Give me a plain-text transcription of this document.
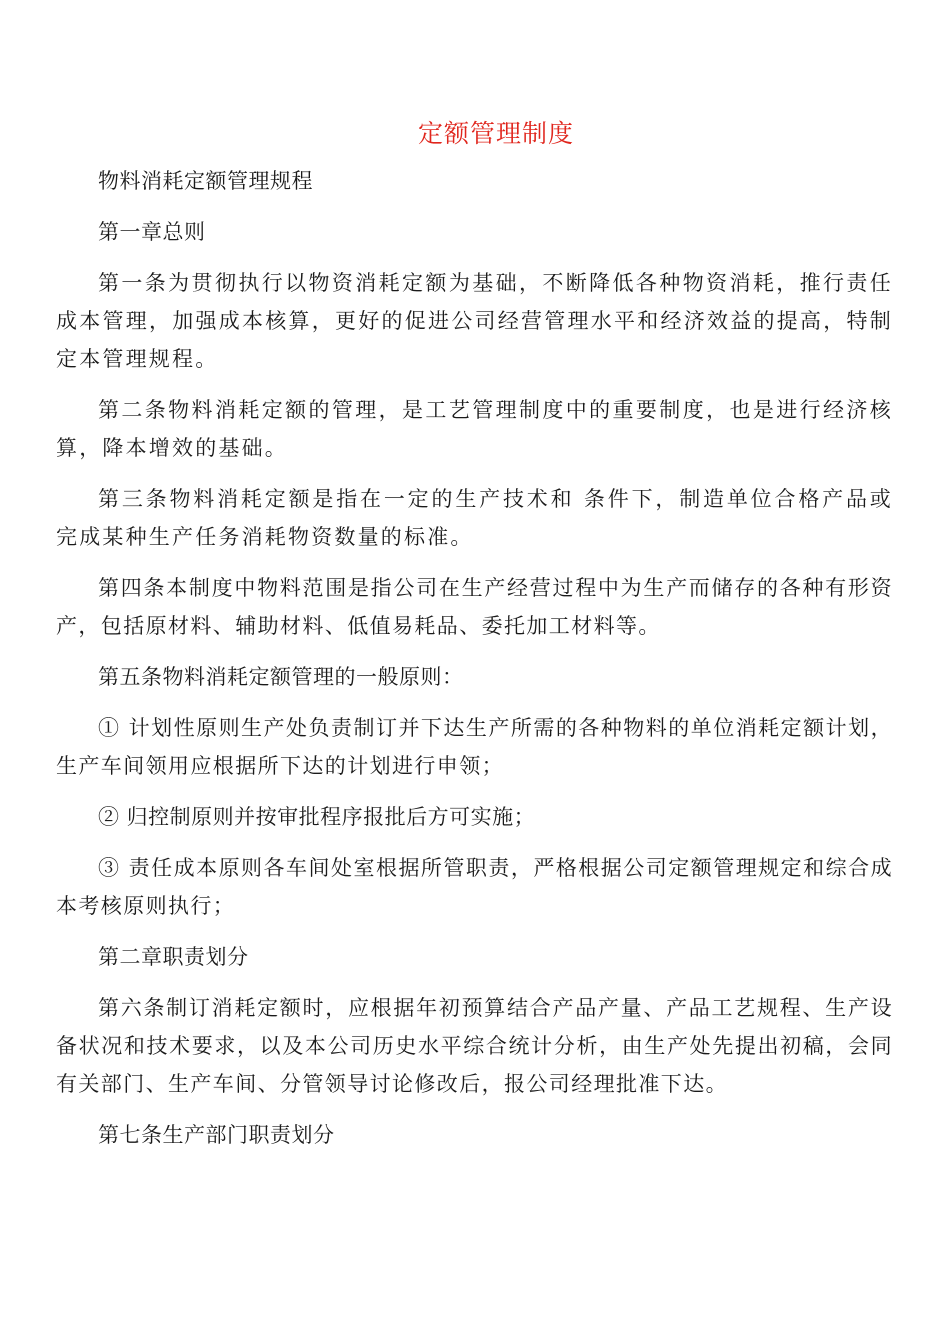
定额管理制度

物料消耗定额管理规程

第一章总则

第一条为贯彻执行以物资消耗定额为基础，不断降低各种物资消耗，推行责任成本管理，加强成本核算，更好的促进公司经营管理水平和经济效益的提高，特制定本管理规程。

第二条物料消耗定额的管理，是工艺管理制度中的重要制度，也是进行经济核算，降本增效的基础。

第三条物料消耗定额是指在一定的生产技术和 条件下，制造单位合格产品或完成某种生产任务消耗物资数量的标准。

第四条本制度中物料范围是指公司在生产经营过程中为生产而储存的各种有形资产，包括原材料、辅助材料、低值易耗品、委托加工材料等。

第五条物料消耗定额管理的一般原则：

① 计划性原则生产处负责制订并下达生产所需的各种物料的单位消耗定额计划，生产车间领用应根据所下达的计划进行申领；

② 归控制原则并按审批程序报批后方可实施；

③ 责任成本原则各车间处室根据所管职责，严格根据公司定额管理规定和综合成本考核原则执行；

第二章职责划分

第六条制订消耗定额时，应根据年初预算结合产品产量、产品工艺规程、生产设备状况和技术要求，以及本公司历史水平综合统计分析，由生产处先提出初稿，会同有关部门、生产车间、分管领导讨论修改后，报公司经理批准下达。

第七条生产部门职责划分
